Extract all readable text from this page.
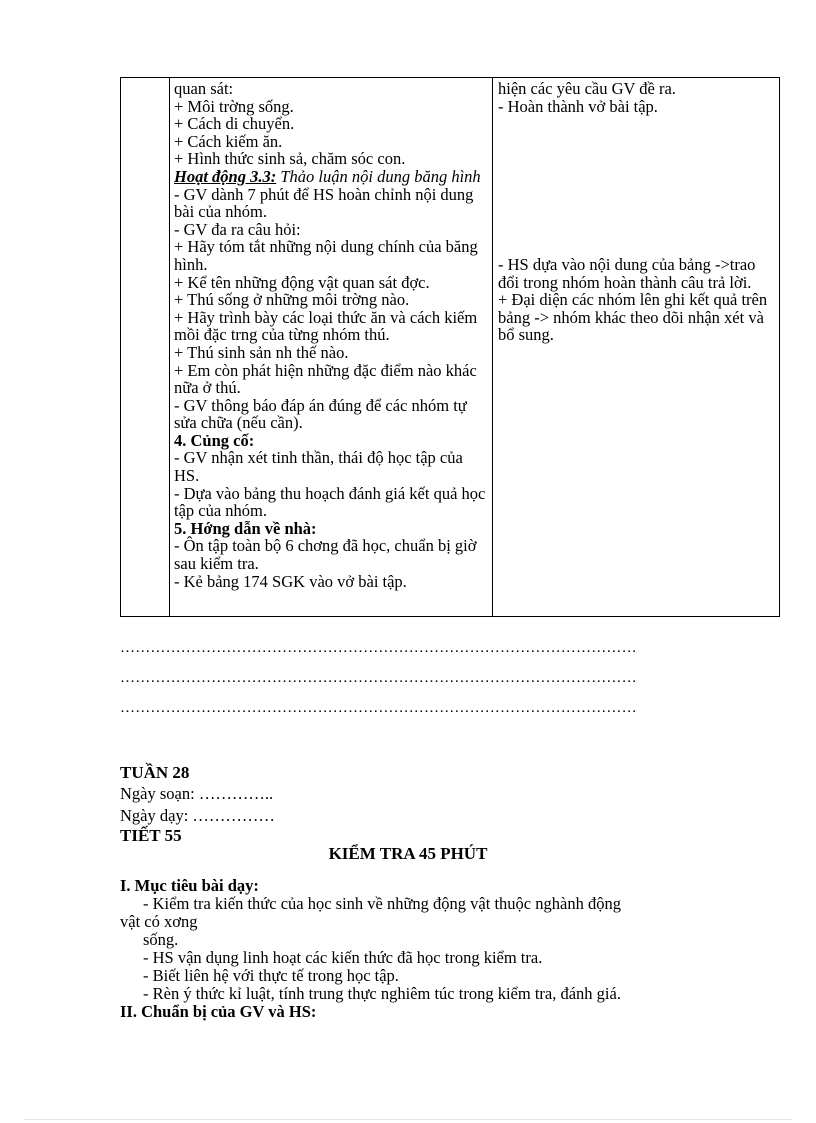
quan sát:
+ Môi trờng sống.
+ Cách di chuyển.
+ Cách kiếm ăn.
+ Hình thức sinh sả, chăm sóc con.
Hoạt động 3.3: Thảo luận nội dung băng hình
- GV dành 7 phút để HS hoàn chỉnh nội dung bài của nhóm.
- GV đa ra câu hỏi:
+ Hãy tóm tắt những nội dung chính của băng hình.
+ Kể tên những động vật quan sát đợc.
+ Thú sống ở những môi trờng nào.
+ Hãy trình bày các loại thức ăn và cách kiếm mồi đặc trng của từng nhóm thú.
+ Thú sinh sản nh thế nào.
+ Em còn phát hiện những đặc điểm nào khác nữa ở thú.
- GV thông báo đáp án đúng để các nhóm tự sửa chữa (nếu cần).
4. Củng cố:
- GV nhận xét tinh thần, thái độ học tập của HS.
- Dựa vào bảng thu hoạch đánh giá kết quả học tập của nhóm.
5. Hớng dẫn về nhà:
- Ôn tập toàn bộ 6 chơng đã học, chuẩn bị giờ sau kiểm tra.
- Kẻ bảng 174 SGK vào vở bài tập.
hiện các yêu cầu GV đề ra.
- Hoàn thành vở bài tập.
- HS dựa vào nội dung của bảng ->trao đổi trong nhóm hoàn thành câu trả lời.
+ Đại diện các nhóm lên ghi kết quả trên bảng -> nhóm khác theo dõi nhận xét và bổ sung.
…………………………………………………………………………………………
…………………………………………………………………………………………
…………………………………………………………………………………………
TUẦN 28
Ngày soạn: …………..
Ngày dạy: ……………
TIẾT 55
KIỂM TRA 45 PHÚT
I. Mục tiêu bài dạy:
- Kiểm tra kiến thức của học sinh về những động vật thuộc nghành động
vật có xơng
sống.
- HS vận dụng linh hoạt các kiến thức đã học trong kiểm tra.
- Biết liên hệ với thực tế trong học tập.
- Rèn ý thức kỉ luật, tính trung thực nghiêm túc trong kiểm tra, đánh giá.
II. Chuẩn bị của GV và HS:
